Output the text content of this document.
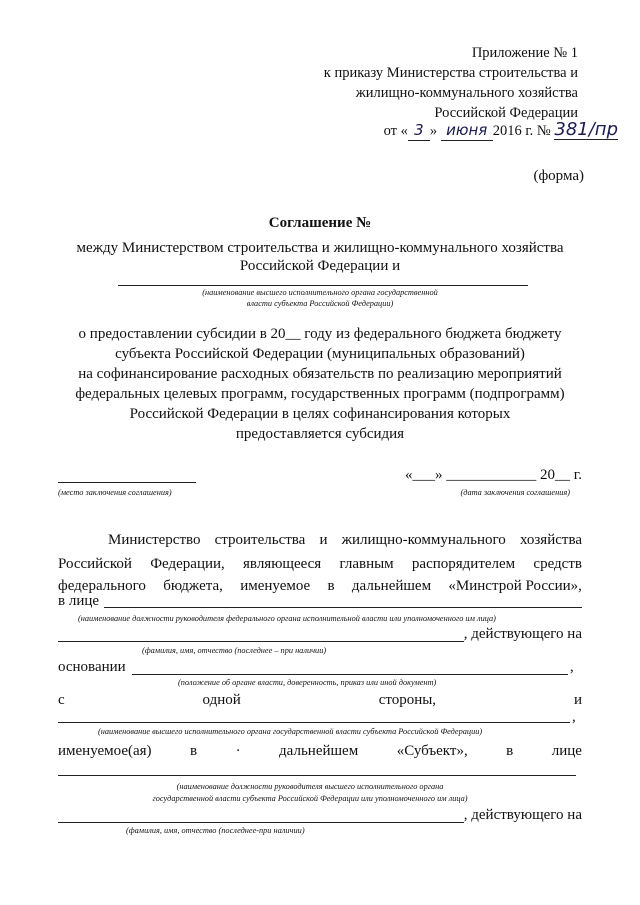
Приложение № 1
к приказу Министерства строительства и
жилищно-коммунального хозяйства
Российской Федерации
от « 3 » июня 2016 г. № 381/пр
(форма)
Соглашение №
между Министерством строительства и жилищно-коммунального хозяйства
Российской Федерации и
(наименование высшего исполнительного органа государственной
власти субъекта Российской Федерации)
о предоставлении субсидии в 20__ году из федерального бюджета бюджету
субъекта Российской Федерации (муниципальных образований)
на софинансирование расходных обязательств по реализацию мероприятий
федеральных целевых программ, государственных программ (подпрограмм)
Российской Федерации в целях софинансирования которых
предоставляется субсидия
(место заключения соглашения)
«___» ____________ 20__ г.
(дата заключения соглашения)
Министерство строительства и жилищно-коммунального хозяйства
Российской Федерации, являющееся главным распорядителем средств
федерального бюджета, именуемое в дальнейшем «Минстрой России»,
в лице
(наименование должности руководителя федерального органа исполнительной власти или уполномоченного им лица)
, действующего на
(фамилия, имя, отчество (последнее – при наличии)
основании	,
(положение об органе власти, доверенность, приказ или иной документ)
с	одной	стороны,	и
,
(наименование высшего исполнительного органа государственной власти субъекта Российской Федерации)
именуемое(ая)	в	·	дальнейшем	«Субъект»,	в	лице
(наименование должности руководителя высшего исполнительного органа
государственной власти субъекта Российской Федерации или уполномоченного им лица)
, действующего на
(фамилия, имя, отчество (последнее-при наличии)
